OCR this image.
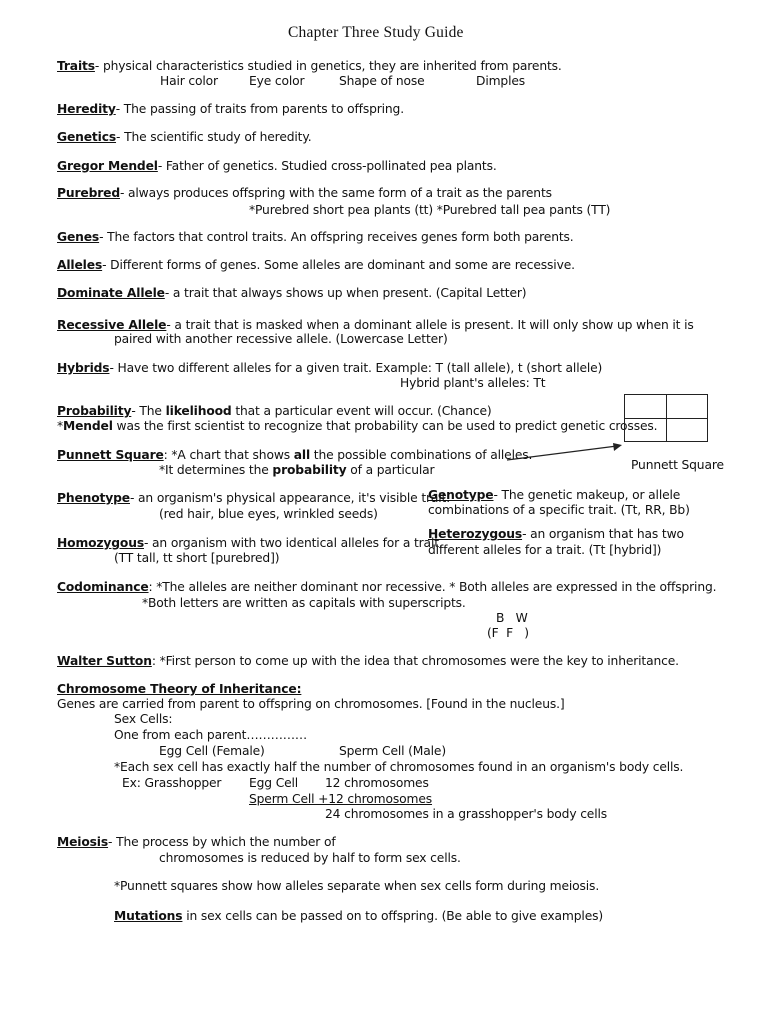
Chapter Three Study Guide
Traits- physical characteristics studied in genetics, they are inherited from parents.
Hair color	Eye color	Shape of nose	Dimples
Heredity- The passing of traits from parents to offspring.
Genetics- The scientific study of heredity.
Gregor Mendel- Father of genetics. Studied cross-pollinated pea plants.
Purebred- always produces offspring with the same form of a trait as the parents
*Purebred short pea plants (tt) *Purebred tall pea pants (TT)
Genes- The factors that control traits. An offspring receives genes form both parents.
Alleles- Different forms of genes. Some alleles are dominant and some are recessive.
Dominate Allele- a trait that always shows up when present. (Capital Letter)
Recessive Allele- a trait that is masked when a dominant allele is present. It will only show up when it is
paired with another recessive allele. (Lowercase Letter)
Hybrids- Have two different alleles for a given trait. Example: T (tall allele), t (short allele)
Hybrid plant's alleles: Tt
Probability- The likelihood that a particular event will occur. (Chance)
*Mendel was the first scientist to recognize that probability can be used to predict genetic crosses.
Punnett Square
Punnett Square: *A chart that shows all the possible combinations of alleles.
*It determines the probability of a particular
Phenotype- an organism's physical appearance, it's visible trait.
(red hair, blue eyes, wrinkled seeds)
Genotype- The genetic makeup, or allele
combinations of a specific trait. (Tt, RR, Bb)
Homozygous- an organism with two identical alleles for a trait.
(TT tall, tt short [purebred])
Heterozygous- an organism that has two
different alleles for a trait. (Tt [hybrid])
Codominance: *The alleles are neither dominant nor recessive. * Both alleles are expressed in the offspring.
*Both letters are written as capitals with superscripts.
B   W
(F  F   )
Walter Sutton: *First person to come up with the idea that chromosomes were the key to inheritance.
Chromosome Theory of Inheritance:
Genes are carried from parent to offspring on chromosomes. [Found in the nucleus.]
Sex Cells:
One from each parent……………
Egg Cell (Female)	Sperm Cell (Male)
*Each sex cell has exactly half the number of chromosomes found in an organism's body cells.
Ex: Grasshopper Egg Cell 12 chromosomes
Sperm Cell +12 chromosomes
24 chromosomes in a grasshopper's body cells
Meiosis- The process by which the number of
chromosomes is reduced by half to form sex cells.
*Punnett squares show how alleles separate when sex cells form during meiosis.
Mutations in sex cells can be passed on to offspring. (Be able to give examples)
